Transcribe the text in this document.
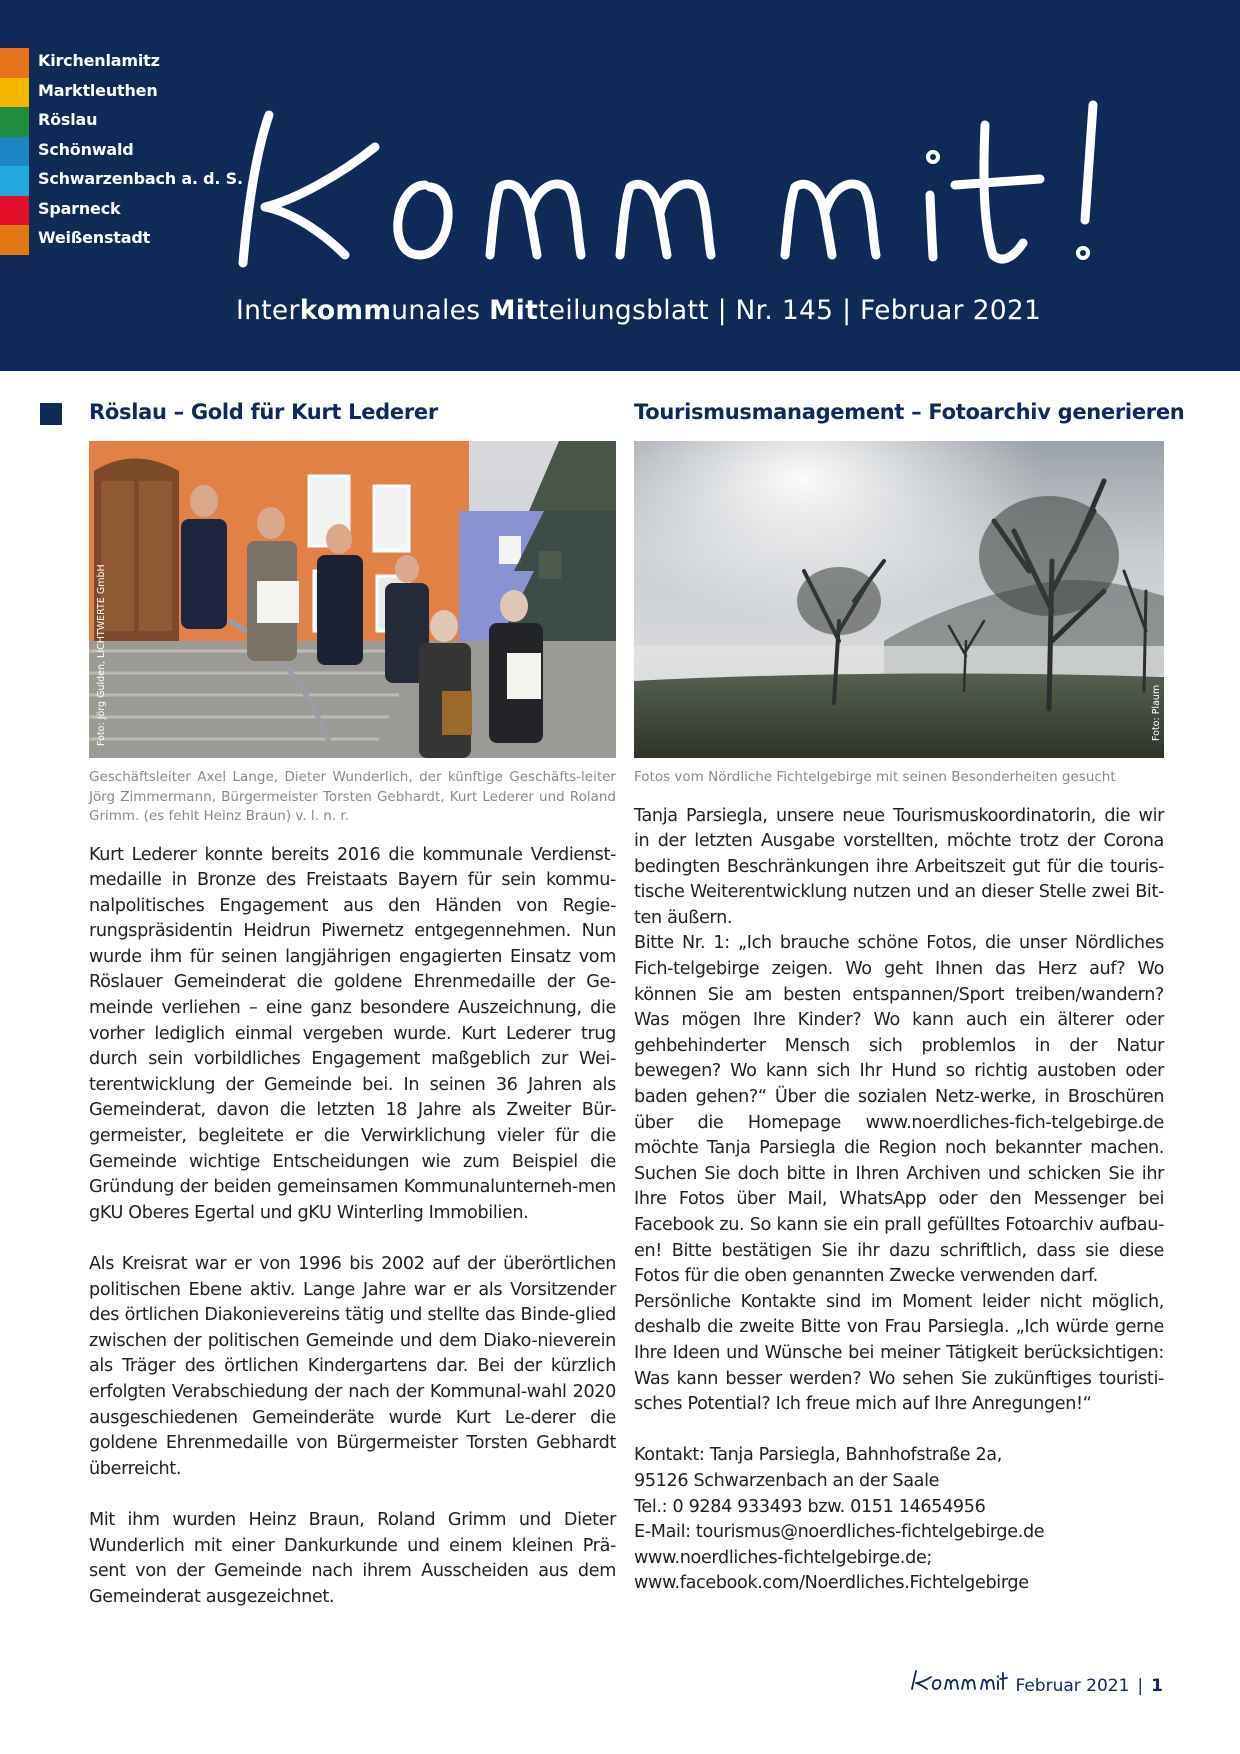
Kirchenlamitz
Marktleuthen
Röslau
Schönwald
Schwarzenbach a. d. S.
Sparneck
Weißenstadt
Interkommunales Mitteilungsblatt | Nr. 145 | Februar 2021
Röslau – Gold für Kurt Lederer
Foto: Jörg Gulden, LICHTWERTE GmbH

Geschäftsleiter Axel Lange, Dieter Wunderlich, der künftige Geschäfts-leiter Jörg Zimmermann, Bürgermeister Torsten Gebhardt, Kurt Lederer und Roland Grimm. (es fehlt Heinz Braun) v. l. n. r.

Kurt Lederer konnte bereits 2016 die kommunale Verdienst-medaille in Bronze des Freistaats Bayern für sein kommu-nalpolitisches Engagement aus den Händen von Regie-rungspräsidentin Heidrun Piwernetz entgegennehmen. Nun wurde ihm für seinen langjährigen engagierten Einsatz vom Röslauer Gemeinderat die goldene Ehrenmedaille der Ge-meinde verliehen – eine ganz besondere Auszeichnung, die vorher lediglich einmal vergeben wurde. Kurt Lederer trug durch sein vorbildliches Engagement maßgeblich zur Wei-terentwicklung der Gemeinde bei. In seinen 36 Jahren als Gemeinderat, davon die letzten 18 Jahre als Zweiter Bür-germeister, begleitete er die Verwirklichung vieler für die Gemeinde wichtige Entscheidungen wie zum Beispiel die Gründung der beiden gemeinsamen Kommunalunterneh-men gKU Oberes Egertal und gKU Winterling Immobilien.

Als Kreisrat war er von 1996 bis 2002 auf der überörtlichen politischen Ebene aktiv. Lange Jahre war er als Vorsitzender des örtlichen Diakonievereins tätig und stellte das Binde-glied zwischen der politischen Gemeinde und dem Diako-nieverein als Träger des örtlichen Kindergartens dar. Bei der kürzlich erfolgten Verabschiedung der nach der Kommunal-wahl 2020 ausgeschiedenen Gemeinderäte wurde Kurt Le-derer die goldene Ehrenmedaille von Bürgermeister Torsten Gebhardt überreicht.

Mit ihm wurden Heinz Braun, Roland Grimm und Dieter Wunderlich mit einer Dankurkunde und einem kleinen Prä-sent von der Gemeinde nach ihrem Ausscheiden aus dem Gemeinderat ausgezeichnet.

Tourismusmanagement – Fotoarchiv generieren
Foto: Plaum

Fotos vom Nördliche Fichtelgebirge mit seinen Besonderheiten gesucht

Tanja Parsiegla, unsere neue Tourismuskoordinatorin, die wir in der letzten Ausgabe vorstellten, möchte trotz der Corona bedingten Beschränkungen ihre Arbeitszeit gut für die touris-tische Weiterentwicklung nutzen und an dieser Stelle zwei Bit-ten äußern.

Bitte Nr. 1: „Ich brauche schöne Fotos, die unser Nördliches Fich-telgebirge zeigen. Wo geht Ihnen das Herz auf? Wo können Sie am besten entspannen/Sport treiben/wandern? Was mögen Ihre Kinder? Wo kann auch ein älterer oder gehbehinderter Mensch sich problemlos in der Natur bewegen? Wo kann sich Ihr Hund so richtig austoben oder baden gehen?“ Über die sozialen Netz-werke, in Broschüren über die Homepage www.noerdliches-fich-telgebirge.de möchte Tanja Parsiegla die Region noch bekannter machen. Suchen Sie doch bitte in Ihren Archiven und schicken Sie ihr Ihre Fotos über Mail, WhatsApp oder den Messenger bei Facebook zu. So kann sie ein prall gefülltes Fotoarchiv aufbau-en! Bitte bestätigen Sie ihr dazu schriftlich, dass sie diese Fotos für die oben genannten Zwecke verwenden darf.

Persönliche Kontakte sind im Moment leider nicht möglich, deshalb die zweite Bitte von Frau Parsiegla. „Ich würde gerne Ihre Ideen und Wünsche bei meiner Tätigkeit berücksichtigen: Was kann besser werden? Wo sehen Sie zukünftiges touristi-sches Potential? Ich freue mich auf Ihre Anregungen!“

Kontakt: Tanja Parsiegla, Bahnhofstraße 2a,
95126 Schwarzenbach an der Saale
Tel.: 0 9284 933493 bzw. 0151 14654956
E-Mail: tourismus@noerdliches-fichtelgebirge.de
www.noerdliches-fichtelgebirge.de;
www.facebook.com/Noerdliches.Fichtelgebirge
Februar 2021 | 1
